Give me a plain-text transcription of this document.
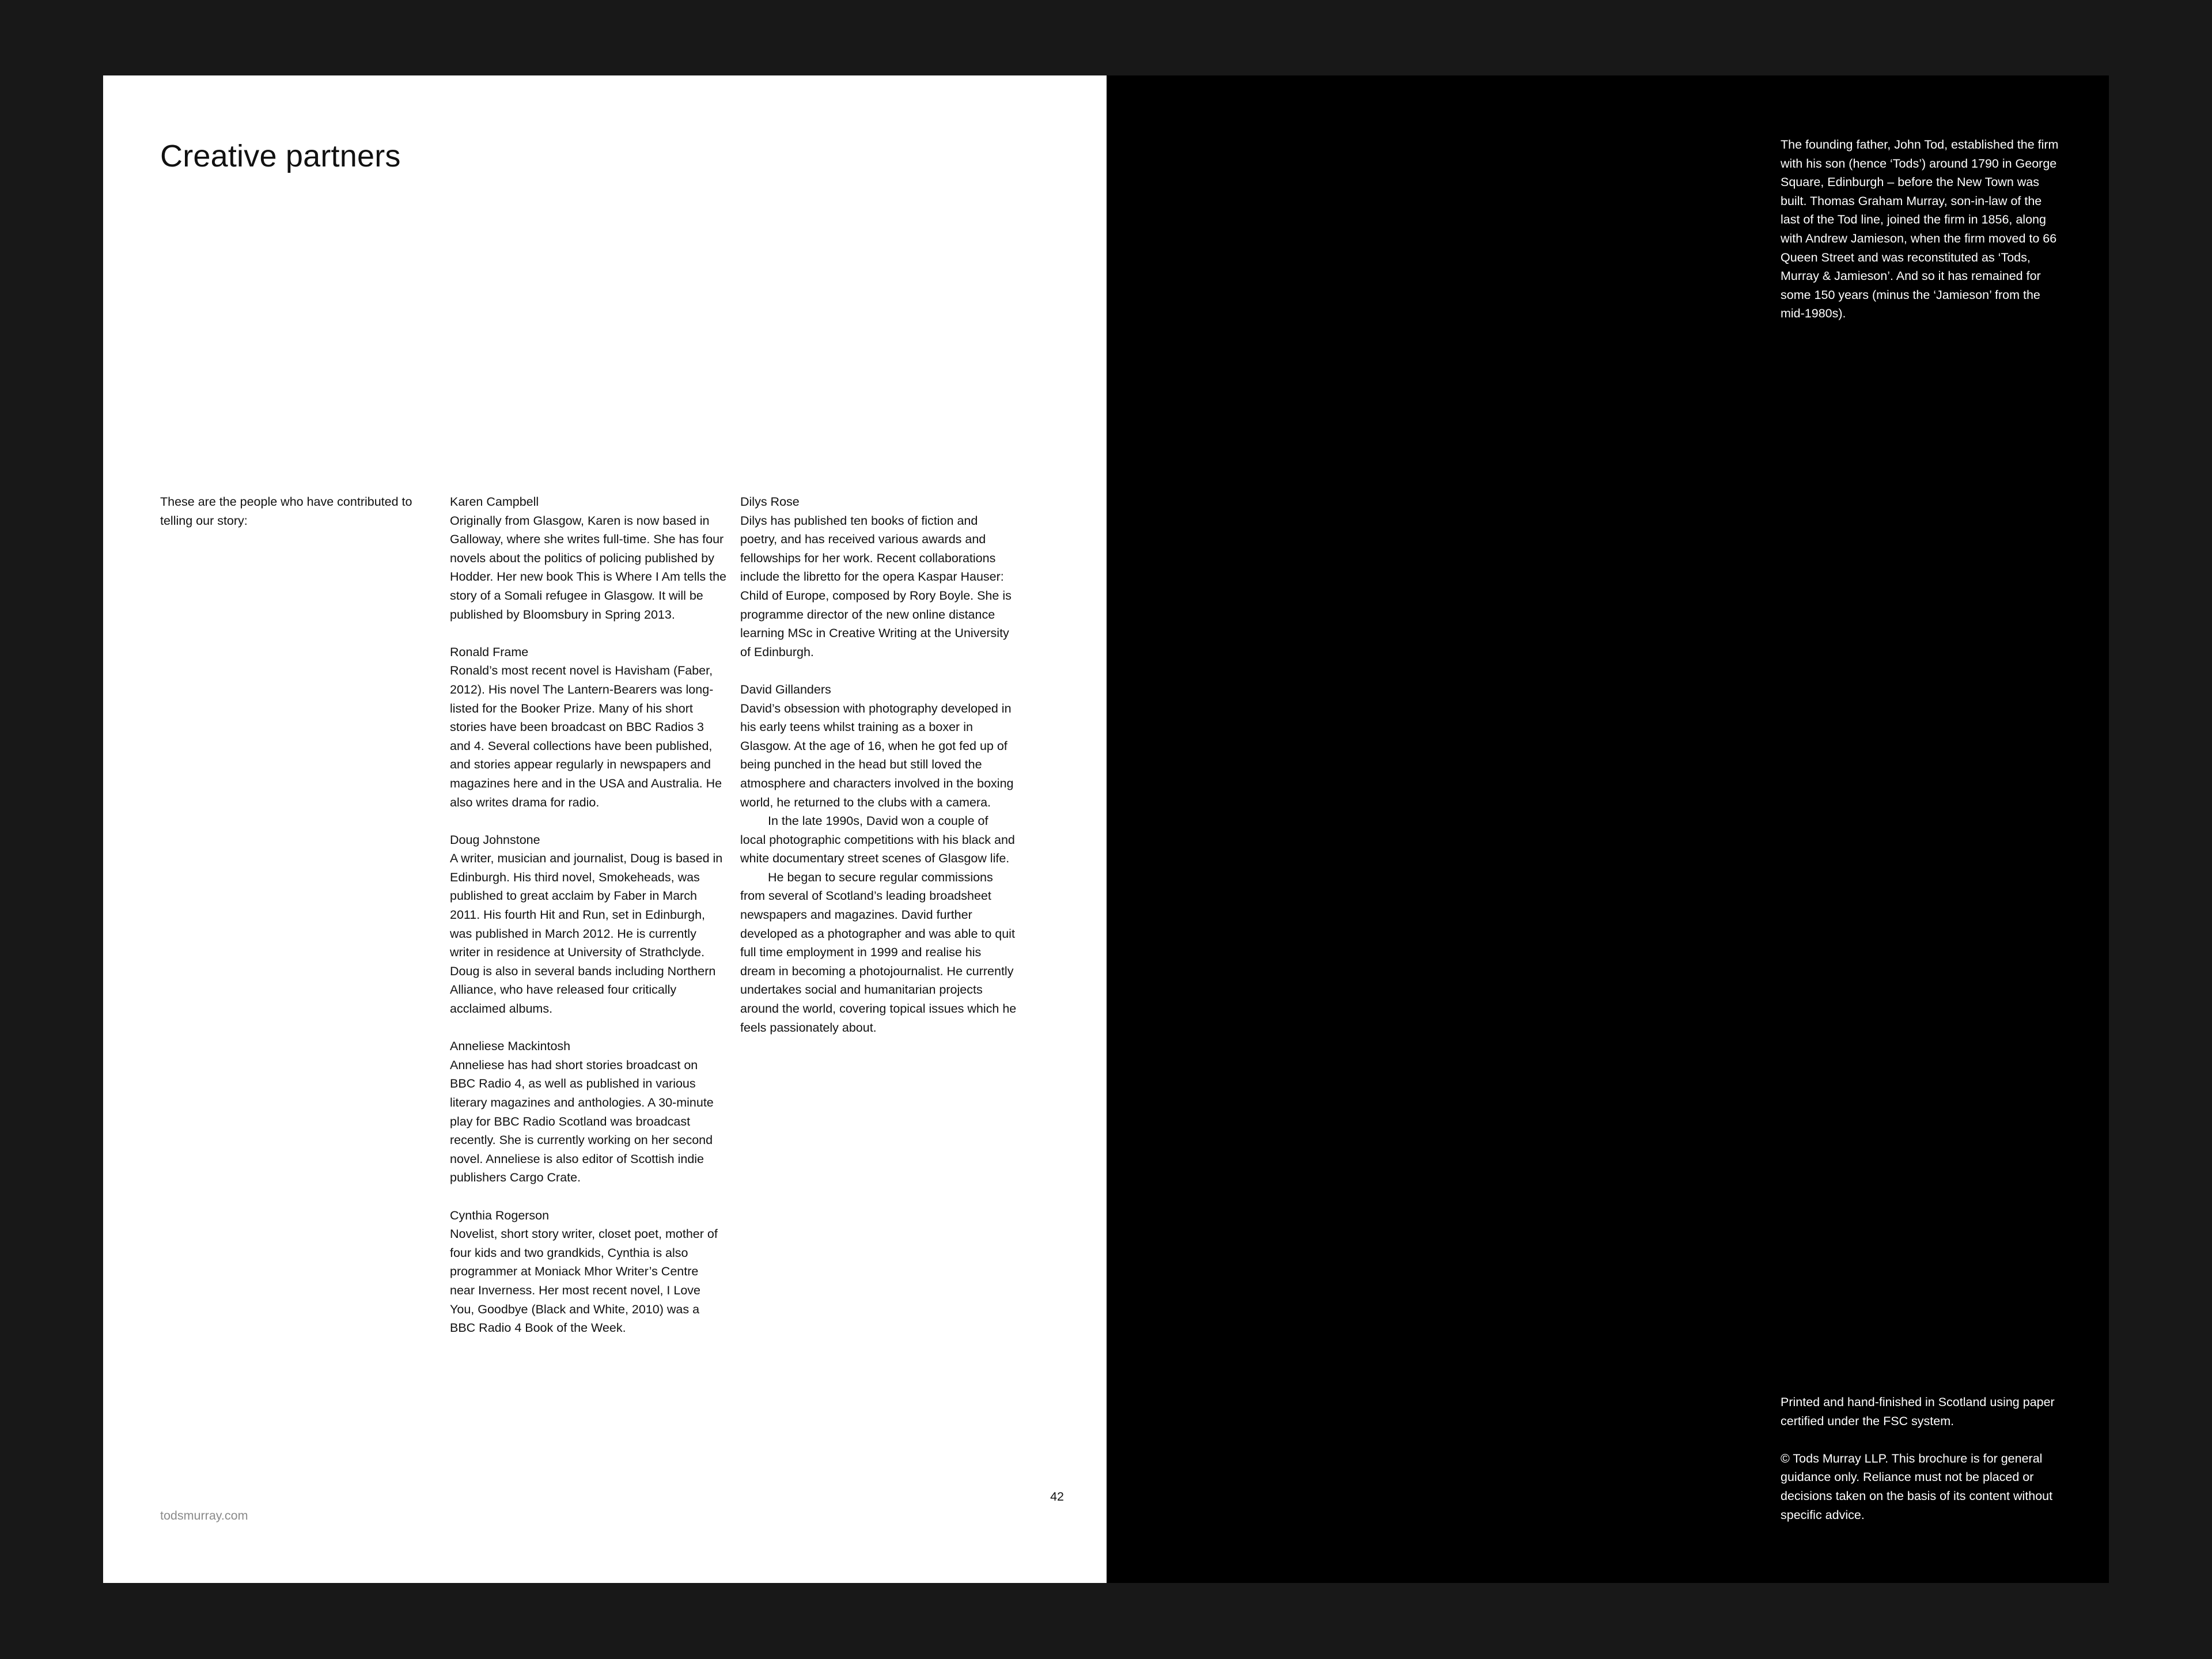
Creative partners

These are the people who have contributed to telling our story:

Karen Campbell

Originally from Glasgow, Karen is now based in Galloway, where she writes full-time. She has four novels about the politics of policing published by Hodder. Her new book This is Where I Am tells the story of a Somali refugee in Glasgow. It will be published by Bloomsbury in Spring 2013.

Ronald Frame

Ronald’s most recent novel is Havisham (Faber, 2012). His novel The Lantern-Bearers was long-listed for the Booker Prize. Many of his short stories have been broadcast on BBC Radios 3 and 4. Several collections have been published, and stories appear regularly in newspapers and magazines here and in the USA and Australia. He also writes drama for radio.

Doug Johnstone

A writer, musician and journalist, Doug is based in Edinburgh. His third novel, Smokeheads, was published to great acclaim by Faber in March 2011. His fourth Hit and Run, set in Edinburgh, was published in March 2012. He is currently writer in residence at University of Strathclyde. Doug is also in several bands including Northern Alliance, who have released four critically acclaimed albums.

Anneliese Mackintosh

Anneliese has had short stories broadcast on BBC Radio 4, as well as published in various literary magazines and anthologies. A 30-minute play for BBC Radio Scotland was broadcast recently. She is currently working on her second novel. Anneliese is also editor of Scottish indie publishers Cargo Crate.

Cynthia Rogerson

Novelist, short story writer, closet poet, mother of four kids and two grandkids, Cynthia is also programmer at Moniack Mhor Writer’s Centre near Inverness. Her most recent novel, I Love You, Goodbye (Black and White, 2010) was a BBC Radio 4 Book of the Week.

Dilys Rose

Dilys has published ten books of fiction and poetry, and has received various awards and fellowships for her work. Recent collaborations include the libretto for the opera Kaspar Hauser: Child of Europe, composed by Rory Boyle. She is programme director of the new online distance learning MSc in Creative Writing at the University of Edinburgh.

David Gillanders

David’s obsession with photography developed in his early teens whilst training as a boxer in Glasgow. At the age of 16, when he got fed up of being punched in the head but still loved the atmosphere and characters involved in the boxing world, he returned to the clubs with a camera.

In the late 1990s, David won a couple of local photographic competitions with his black and white documentary street scenes of Glasgow life.

He began to secure regular commissions from several of Scotland’s leading broadsheet newspapers and magazines. David further developed as a photographer and was able to quit full time employment in 1999 and realise his dream in becoming a photojournalist. He currently undertakes social and humanitarian projects around the world, covering topical issues which he feels passionately about.

42
todsmurray.com

The founding father, John Tod, established the firm with his son (hence ‘Tods’) around 1790 in George Square, Edinburgh – before the New Town was built. Thomas Graham Murray, son-in-law of the last of the Tod line, joined the firm in 1856, along with Andrew Jamieson, when the firm moved to 66 Queen Street and was reconstituted as ‘Tods, Murray & Jamieson’. And so it has remained for some 150 years (minus the ‘Jamieson’ from the mid-1980s).

Printed and hand-finished in Scotland using paper certified under the FSC system.

© Tods Murray LLP. This brochure is for general guidance only. Reliance must not be placed or decisions taken on the basis of its content without specific advice.
